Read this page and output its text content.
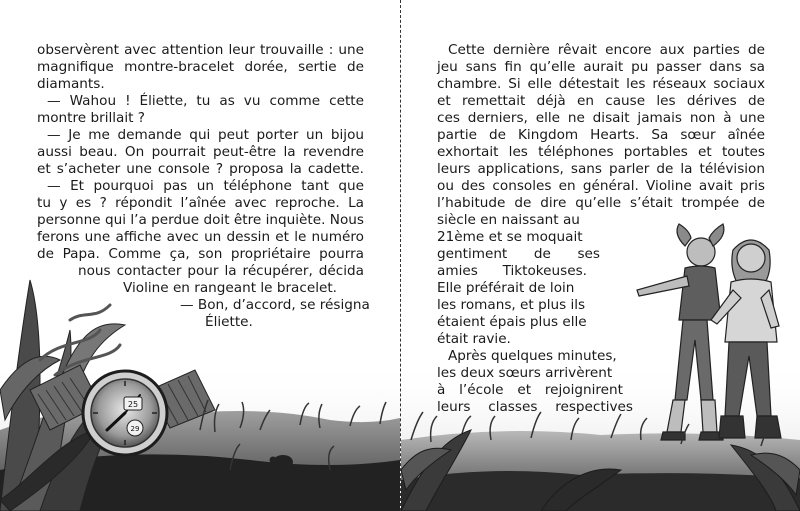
25
29
observèrent avec attention leur trouvaille : une
magnifique montre-bracelet dorée, sertie de
diamants.
— Wahou ! Éliette, tu as vu comme cette
montre brillait ?
— Je me demande qui peut porter un bijou
aussi beau. On pourrait peut-être la revendre
et s’acheter une console ? proposa la cadette.
— Et pourquoi pas un téléphone tant que
tu y es ? répondit l’aînée avec reproche. La
personne qui l’a perdue doit être inquiète. Nous
ferons une affiche avec un dessin et le numéro
de Papa. Comme ça, son propriétaire pourra
nous contacter pour la récupérer, décida
Violine en rangeant le bracelet.
— Bon, d’accord, se résigna
Éliette.
Cette dernière rêvait encore aux parties de
jeu sans fin qu’elle aurait pu passer dans sa
chambre. Si elle détestait les réseaux sociaux
et remettait déjà en cause les dérives de
ces derniers, elle ne disait jamais non à une
partie de Kingdom Hearts. Sa sœur aînée
exhortait les téléphones portables et toutes
leurs applications, sans parler de la télévision
ou des consoles en général. Violine avait pris
l’habitude de dire qu’elle s’était trompée de
siècle en naissant au
21ème et se moquait
gentiment de ses
amies Tiktokeuses.
Elle préférait de loin
les romans, et plus ils
étaient épais plus elle
était ravie.
Après quelques minutes,
les deux sœurs arrivèrent
à l’école et rejoignirent
leurs classes respectives
